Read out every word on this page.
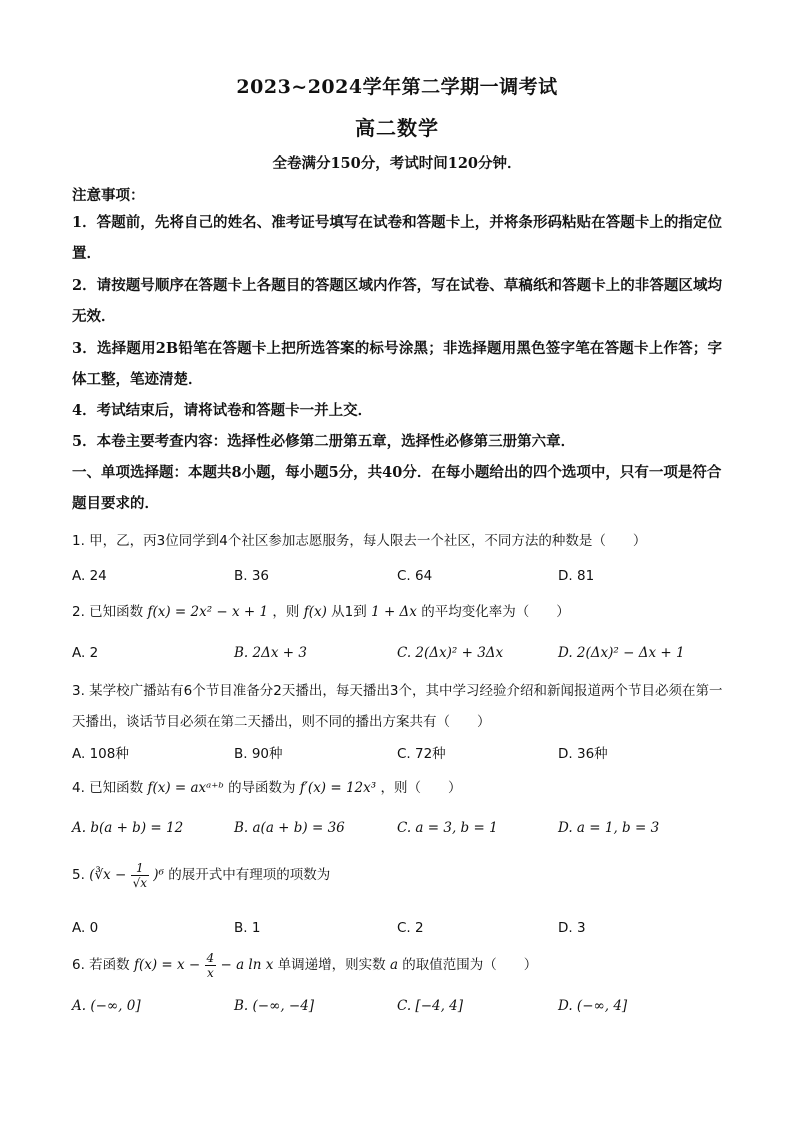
2023~2024学年第二学期一调考试
高二数学
全卷满分150分，考试时间120分钟．
注意事项：
1．答题前，先将自己的姓名、准考证号填写在试卷和答题卡上，并将条形码粘贴在答题卡上的指定位置．
2．请按题号顺序在答题卡上各题目的答题区域内作答，写在试卷、草稿纸和答题卡上的非答题区域均无效．
3．选择题用2B铅笔在答题卡上把所选答案的标号涂黑；非选择题用黑色签字笔在答题卡上作答；字体工整，笔迹清楚．
4．考试结束后，请将试卷和答题卡一并上交．
5．本卷主要考查内容：选择性必修第二册第五章，选择性必修第三册第六章．
一、单项选择题：本题共8小题，每小题5分，共40分．在每小题给出的四个选项中，只有一项是符合题目要求的．
1. 甲，乙，丙3位同学到4个社区参加志愿服务，每人限去一个社区，不同方法的种数是（　　）
A. 24	B. 36	C. 64	D. 81
2. 已知函数 f(x) = 2x² − x + 1 ，则 f(x) 从1到 1 + Δx 的平均变化率为（　　）
A. 2	B. 2Δx + 3	C. 2(Δx)² + 3Δx	D. 2(Δx)² − Δx + 1
3. 某学校广播站有6个节目准备分2天播出，每天播出3个，其中学习经验介绍和新闻报道两个节目必须在第一天播出，谈话节目必须在第二天播出，则不同的播出方案共有（　　）
A. 108种	B. 90种	C. 72种	D. 36种
4. 已知函数 f(x) = axᵃ⁺ᵇ 的导函数为 f′(x) = 12x³ ，则（　　）
A. b(a + b) = 12	B. a(a + b) = 36	C. a = 3, b = 1	D. a = 1, b = 3
5. (∛x − $\frac{1}{√x} )^6$ 的展开式中有理项的项数为
A. 0	B. 1	C. 2	D. 3
6. 若函数 $f(x) = x - \frac{4}{x} - a$ ln x 单调递增，则实数 a 的取值范围为（　　）
A. (−∞, 0]	B. (−∞, −4]	C. [−4, 4]	D. (−∞, 4]
